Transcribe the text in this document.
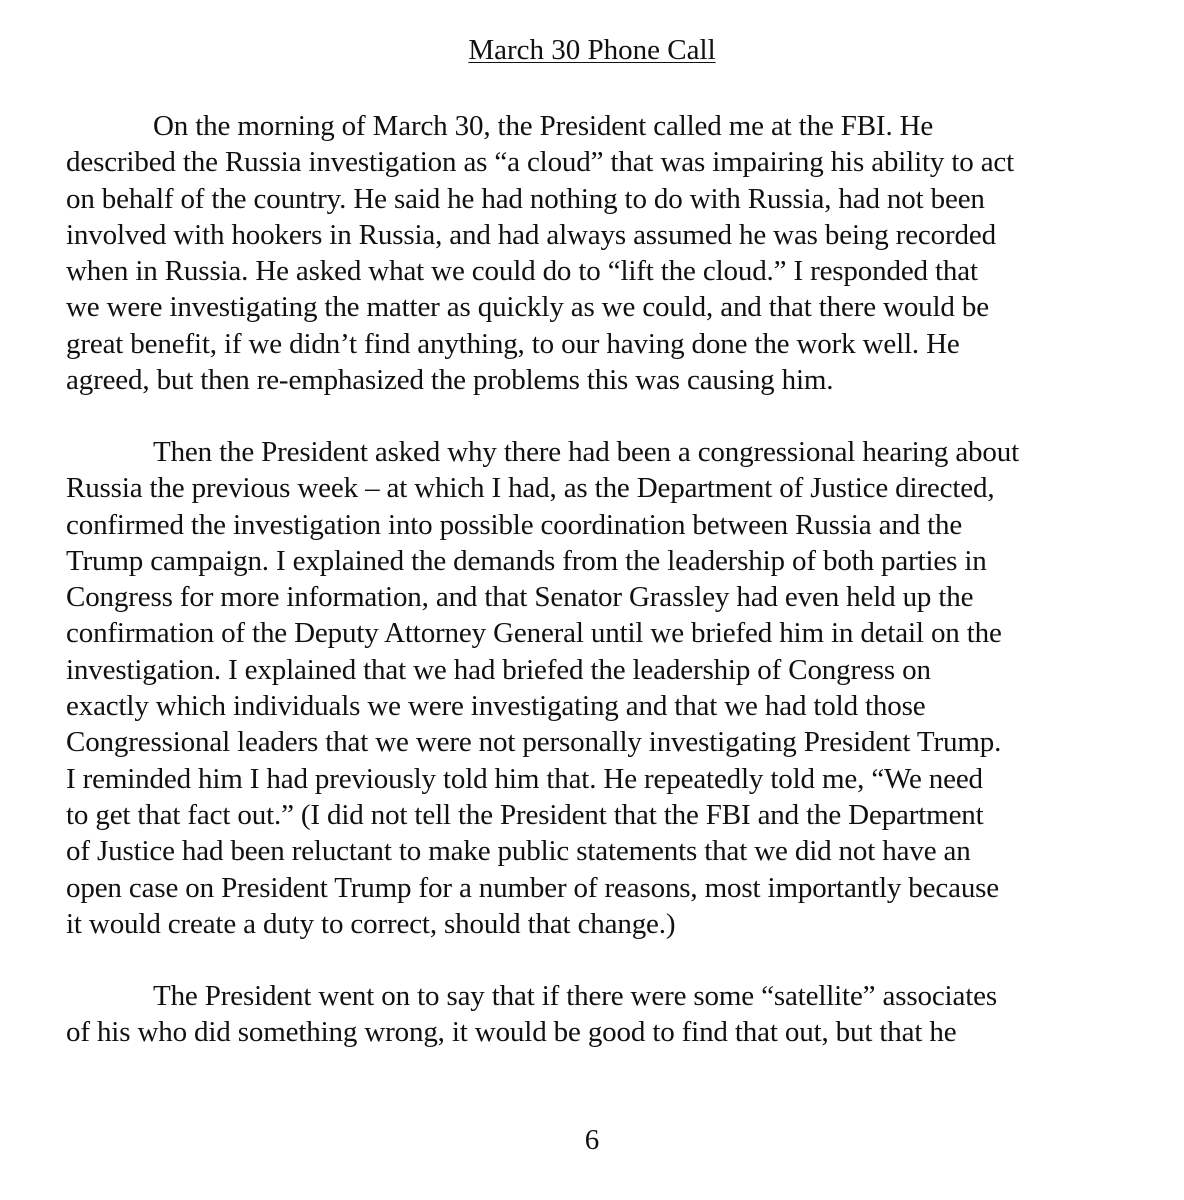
March 30 Phone Call
On the morning of March 30, the President called me at the FBI. He
described the Russia investigation as “a cloud” that was impairing his ability to act
on behalf of the country. He said he had nothing to do with Russia, had not been
involved with hookers in Russia, and had always assumed he was being recorded
when in Russia. He asked what we could do to “lift the cloud.” I responded that
we were investigating the matter as quickly as we could, and that there would be
great benefit, if we didn’t find anything, to our having done the work well. He
agreed, but then re-emphasized the problems this was causing him.
Then the President asked why there had been a congressional hearing about
Russia the previous week – at which I had, as the Department of Justice directed,
confirmed the investigation into possible coordination between Russia and the
Trump campaign. I explained the demands from the leadership of both parties in
Congress for more information, and that Senator Grassley had even held up the
confirmation of the Deputy Attorney General until we briefed him in detail on the
investigation. I explained that we had briefed the leadership of Congress on
exactly which individuals we were investigating and that we had told those
Congressional leaders that we were not personally investigating President Trump.
I reminded him I had previously told him that. He repeatedly told me, “We need
to get that fact out.” (I did not tell the President that the FBI and the Department
of Justice had been reluctant to make public statements that we did not have an
open case on President Trump for a number of reasons, most importantly because
it would create a duty to correct, should that change.)
The President went on to say that if there were some “satellite” associates
of his who did something wrong, it would be good to find that out, but that he
6
